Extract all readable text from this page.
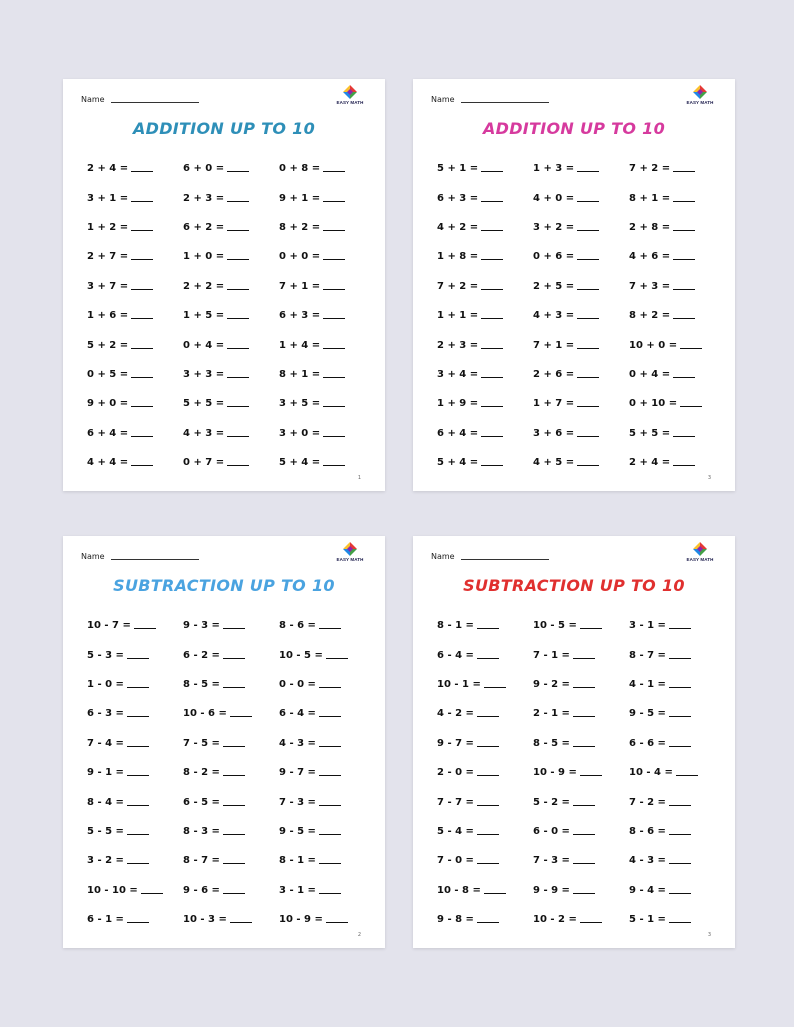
Name	EASY MATH
ADDITION UP TO 10
2 + 4 =	6 + 0 =	0 + 8 =
3 + 1 =	2 + 3 =	9 + 1 =
1 + 2 =	6 + 2 =	8 + 2 =
2 + 7 =	1 + 0 =	0 + 0 =
3 + 7 =	2 + 2 =	7 + 1 =
1 + 6 =	1 + 5 =	6 + 3 =
5 + 2 =	0 + 4 =	1 + 4 =
0 + 5 =	3 + 3 =	8 + 1 =
9 + 0 =	5 + 5 =	3 + 5 =
6 + 4 =	4 + 3 =	3 + 0 =
4 + 4 =	0 + 7 =	5 + 4 =
1
Name	EASY MATH
ADDITION UP TO 10
5 + 1 =	1 + 3 =	7 + 2 =
6 + 3 =	4 + 0 =	8 + 1 =
4 + 2 =	3 + 2 =	2 + 8 =
1 + 8 =	0 + 6 =	4 + 6 =
7 + 2 =	2 + 5 =	7 + 3 =
1 + 1 =	4 + 3 =	8 + 2 =
2 + 3 =	7 + 1 =	10 + 0 =
3 + 4 =	2 + 6 =	0 + 4 =
1 + 9 =	1 + 7 =	0 + 10 =
6 + 4 =	3 + 6 =	5 + 5 =
5 + 4 =	4 + 5 =	2 + 4 =
3
Name	EASY MATH
SUBTRACTION UP TO 10
10 - 7 =	9 - 3 =	8 - 6 =
5 - 3 =	6 - 2 =	10 - 5 =
1 - 0 =	8 - 5 =	0 - 0 =
6 - 3 =	10 - 6 =	6 - 4 =
7 - 4 =	7 - 5 =	4 - 3 =
9 - 1 =	8 - 2 =	9 - 7 =
8 - 4 =	6 - 5 =	7 - 3 =
5 - 5 =	8 - 3 =	9 - 5 =
3 - 2 =	8 - 7 =	8 - 1 =
10 - 10 =	9 - 6 =	3 - 1 =
6 - 1 =	10 - 3 =	10 - 9 =
2
Name	EASY MATH
SUBTRACTION UP TO 10
8 - 1 =	10 - 5 =	3 - 1 =
6 - 4 =	7 - 1 =	8 - 7 =
10 - 1 =	9 - 2 =	4 - 1 =
4 - 2 =	2 - 1 =	9 - 5 =
9 - 7 =	8 - 5 =	6 - 6 =
2 - 0 =	10 - 9 =	10 - 4 =
7 - 7 =	5 - 2 =	7 - 2 =
5 - 4 =	6 - 0 =	8 - 6 =
7 - 0 =	7 - 3 =	4 - 3 =
10 - 8 =	9 - 9 =	9 - 4 =
9 - 8 =	10 - 2 =	5 - 1 =
3
